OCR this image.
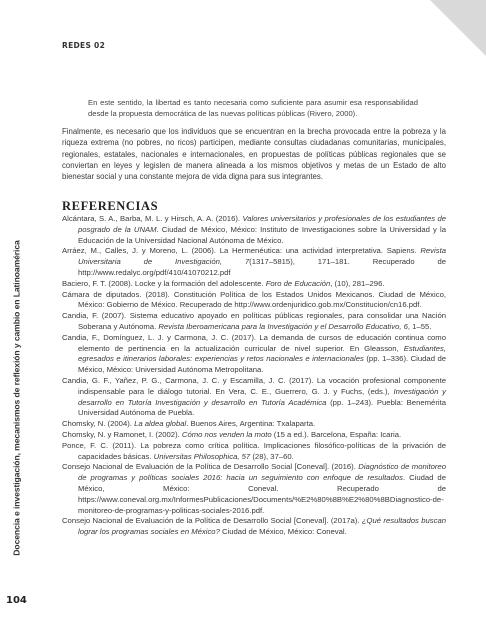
REDES 02
Docencia e investigación, mecanismos de reflexión y cambio en Latinoamérica
104
En este sentido, la libertad es tanto necesaria como suficiente para asumir esa responsabilidad desde la propuesta democrática de las nuevas políticas públicas (Rivero, 2000).

Finalmente, es necesario que los individuos que se encuentran en la brecha provocada entre la pobreza y la riqueza extrema (no pobres, no ricos) participen, mediante consultas ciudadanas comunitarias, municipales, regionales, estatales, nacionales e internacionales, en propuestas de políticas públicas regionales que se conviertan en leyes y legislen de manera alineada a los mismos objetivos y metas de un Estado de alto bienestar social y una constante mejora de vida digna para sus integrantes.

REFERENCIAS
Alcántara, S. A., Barba, M. L. y Hirsch, A. A. (2016). Valores universitarios y profesionales de los estudiantes de posgrado de la UNAM. Ciudad de México, México: Instituto de Investigaciones sobre la Universidad y la Educación de la Universidad Nacional Autónoma de México.
Arráez, M., Calles, J. y Moreno, L. (2006). La Hermenéutica: una actividad interpretativa. Sapiens. Revista Universitaria de Investigación, 7(1317–5815), 171–181. Recuperado de http://www.redalyc.org/pdf/410/41070212.pdf
Baciero, F. T. (2008). Locke y la formación del adolescente. Foro de Educación, (10), 281–296.
Cámara de diputados. (2018). Constitución Política de los Estados Unidos Mexicanos. Ciudad de México, México: Gobierno de México. Recuperado de http://www.ordenjuridico.gob.mx/Constitucion/cn16.pdf.
Candia, F. (2007). Sistema educativo apoyado en políticas públicas regionales, para consolidar una Nación Soberana y Autónoma. Revista Iberoamericana para la Investigación y el Desarrollo Educativo, 6, 1–55.
Candia, F., Domínguez, L. J. y Carmona, J. C. (2017). La demanda de cursos de educación continua como elemento de pertinencia en la actualización curricular de nivel superior. En Gleasson, Estudiantes, egresados e itinerarios laborales: experiencias y retos nacionales e internacionales (pp. 1–336). Ciudad de México, México: Universidad Autónoma Metropolitana.
Candia, G. F., Yañez, P. G., Carmona, J. C. y Escamilla, J. C. (2017). La vocación profesional componente indispensable para le diálogo tutorial. En Vera, C. E., Guerrero, G. J. y Fuchs, (eds.), Investigación y desarrollo en Tutoría Investigación y desarrollo en Tutoría Académica (pp. 1–243). Puebla: Benemérita Universidad Autónoma de Puebla.
Chomsky, N. (2004). La aldea global. Buenos Aires, Argentina: Txalaparta.
Chomsky, N. y Ramonet, I. (2002). Cómo nos venden la moto (15 a ed.). Barcelona, España: Icaria.
Ponce, F. C. (2011). La pobreza como crítica política. Implicaciones filosófico-políticas de la privación de capacidades básicas. Universitas Philosophica, 57 (28), 37–60.
Consejo Nacional de Evaluación de la Política de Desarrollo Social [Coneval]. (2016). Diagnóstico de monitoreo de programas y políticas sociales 2016: hacia un seguimiento con enfoque de resultados. Ciudad de México, México: Coneval. Recuperado de https://www.coneval.org.mx/InformesPublicaciones/Documents/%E2%80%8B%E2%80%8BDiagnostico-de-monitoreo-de-programas-y-politicas-sociales-2016.pdf.
Consejo Nacional de Evaluación de la Política de Desarrollo Social [Coneval]. (2017a). ¿Qué resultados buscan lograr los programas sociales en México? Ciudad de México, México: Coneval.
